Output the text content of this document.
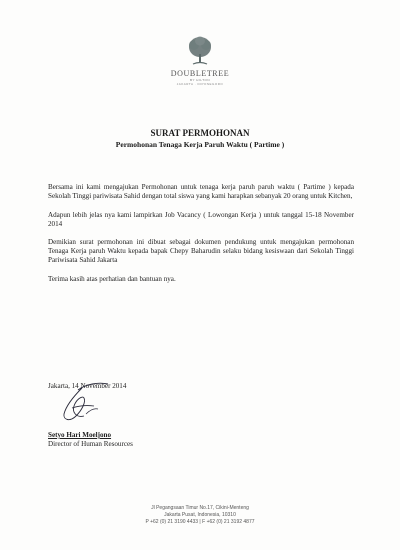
DOUBLETREE
BY HILTON
JAKARTA · DIPONEGORO
SURAT PERMOHONAN
Permohonan Tenaga Kerja Paruh Waktu ( Partime )

Bersama ini kami mengajukan Permohonan untuk tenaga kerja paruh paruh waktu ( Partime ) kepada Sekolah Tinggi pariwisata Sahid dengan total siswa yang kami harapkan sebanyak 20 orang untuk Kitchen,

Adapun lebih jelas nya kami lampirkan Job Vacancy ( Lowongan Kerja ) untuk tanggal 15-18 November 2014

Demikian surat permohonan ini dibuat sebagai dokumen pendukung untuk mengajukan permohonan Tenaga Kerja paruh Waktu kepada bapak Chepy Baharudin selaku bidang kesiswaan dari Sekolah Tinggi Pariwisata Sahid Jakarta

Terima kasih atas perhatian dan bantuan nya.

Jakarta, 14 November 2014
Setyo Hari Moeljono
Director of Human Resources
Jl Pegangsaan Timur No.17, Cikini-Menteng
Jakarta Pusat, Indonesia, 10310
P +62 (0) 21 3190 4433 | F +62 (0) 21 3192 4877
